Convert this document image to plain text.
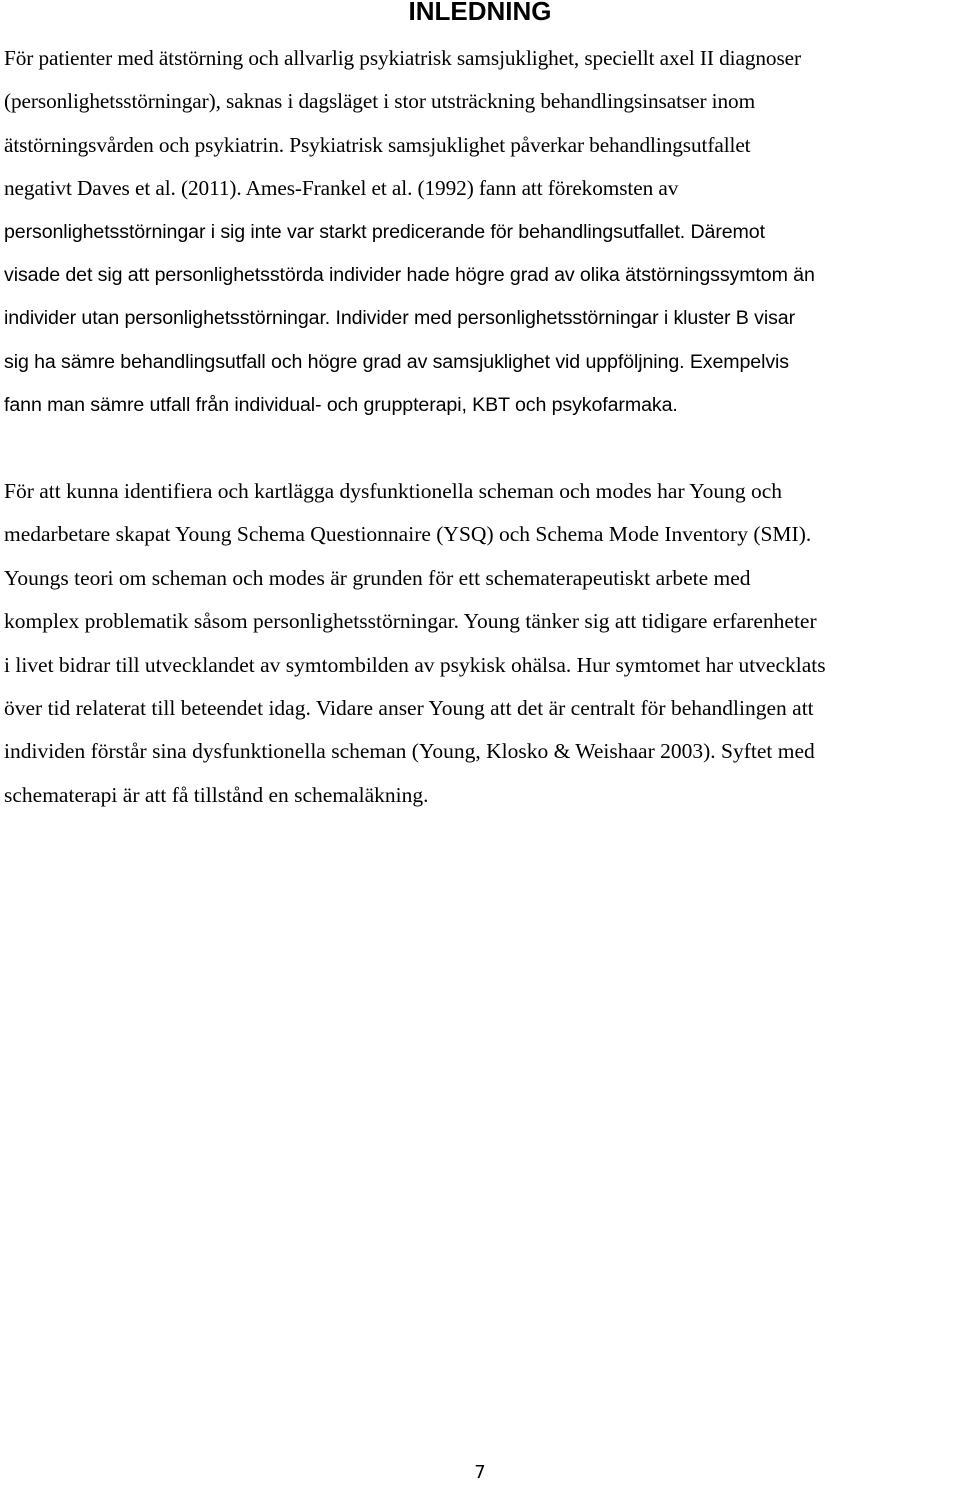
INLEDNING

För patienter med ätstörning och allvarlig psykiatrisk samsjuklighet, speciellt axel II diagnoser
(personlighetsstörningar), saknas i dagsläget i stor utsträckning behandlingsinsatser inom
ätstörningsvården och psykiatrin. Psykiatrisk samsjuklighet påverkar behandlingsutfallet
negativt Daves et al. (2011). Ames-Frankel et al. (1992) fann att förekomsten av
personlighetsstörningar i sig inte var starkt predicerande för behandlingsutfallet. Däremot
visade det sig att personlighetsstörda individer hade högre grad av olika ätstörningssymtom än
individer utan personlighetsstörningar. Individer med personlighetsstörningar i kluster B visar
sig ha sämre behandlingsutfall och högre grad av samsjuklighet vid uppföljning. Exempelvis
fann man sämre utfall från individual- och gruppterapi, KBT och psykofarmaka.

För att kunna identifiera och kartlägga dysfunktionella scheman och modes har Young och
medarbetare skapat Young Schema Questionnaire (YSQ) och Schema Mode Inventory (SMI).
Youngs teori om scheman och modes är grunden för ett schematerapeutiskt arbete med
komplex problematik såsom personlighetsstörningar. Young tänker sig att tidigare erfarenheter
i livet bidrar till utvecklandet av symtombilden av psykisk ohälsa. Hur symtomet har utvecklats
över tid relaterat till beteendet idag. Vidare anser Young att det är centralt för behandlingen att
individen förstår sina dysfunktionella scheman (Young, Klosko & Weishaar 2003). Syftet med
schematerapi är att få tillstånd en schemaläkning.

7
